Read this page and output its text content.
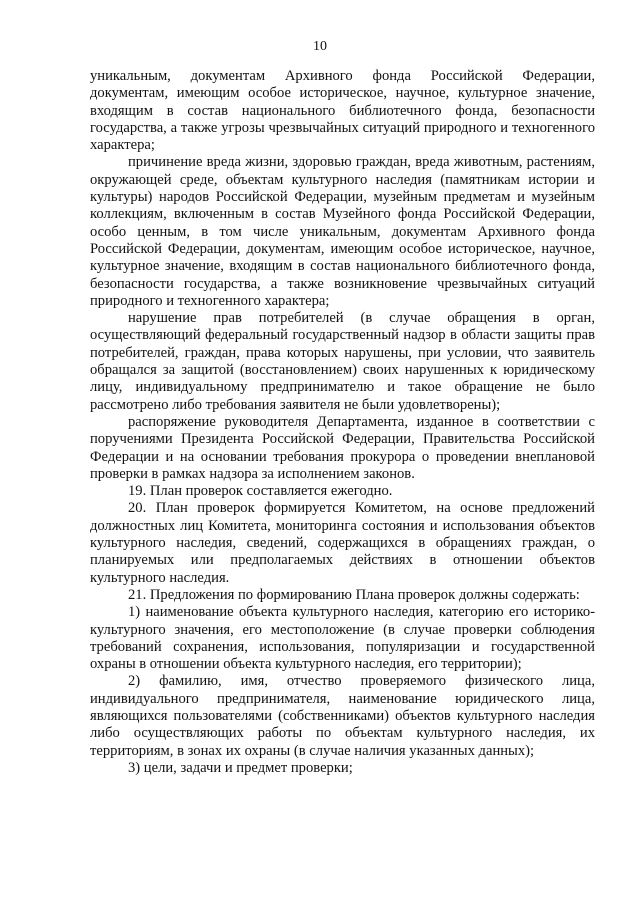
10

уникальным, документам Архивного фонда Российской Федерации, документам, имеющим особое историческое, научное, культурное значение, входящим в состав национального библиотечного фонда, безопасности государства, а также угрозы чрезвычайных ситуаций природного и техногенного характера;

причинение вреда жизни, здоровью граждан, вреда животным, растениям, окружающей среде, объектам культурного наследия (памятникам истории и культуры) народов Российской Федерации, музейным предметам и музейным коллекциям, включенным в состав Музейного фонда Российской Федерации, особо ценным, в том числе уникальным, документам Архивного фонда Российской Федерации, документам, имеющим особое историческое, научное, культурное значение, входящим в состав национального библиотечного фонда, безопасности государства, а также возникновение чрезвычайных ситуаций природного и техногенного характера;

нарушение прав потребителей (в случае обращения в орган, осуществляющий федеральный государственный надзор в области защиты прав потребителей, граждан, права которых нарушены, при условии, что заявитель обращался за защитой (восстановлением) своих нарушенных к юридическому лицу, индивидуальному предпринимателю и такое обращение не было рассмотрено либо требования заявителя не были удовлетворены);

распоряжение руководителя Департамента, изданное в соответствии с поручениями Президента Российской Федерации, Правительства Российской Федерации и на основании требования прокурора о проведении внеплановой проверки в рамках надзора за исполнением законов.

19. План проверок составляется ежегодно.

20. План проверок формируется Комитетом, на основе предложений должностных лиц Комитета, мониторинга состояния и использования объектов культурного наследия, сведений, содержащихся в обращениях граждан, о планируемых или предполагаемых действиях в отношении объектов культурного наследия.

21. Предложения по формированию Плана проверок должны содержать:

1) наименование объекта культурного наследия, категорию его историко-культурного значения, его местоположение (в случае проверки соблюдения требований сохранения, использования, популяризации и государственной охраны в отношении объекта культурного наследия, его территории);

2) фамилию, имя, отчество проверяемого физического лица, индивидуального предпринимателя, наименование юридического лица, являющихся пользователями (собственниками) объектов культурного наследия либо осуществляющих работы по объектам культурного наследия, их территориям, в зонах их охраны (в случае наличия указанных данных);

3) цели, задачи и предмет проверки;
